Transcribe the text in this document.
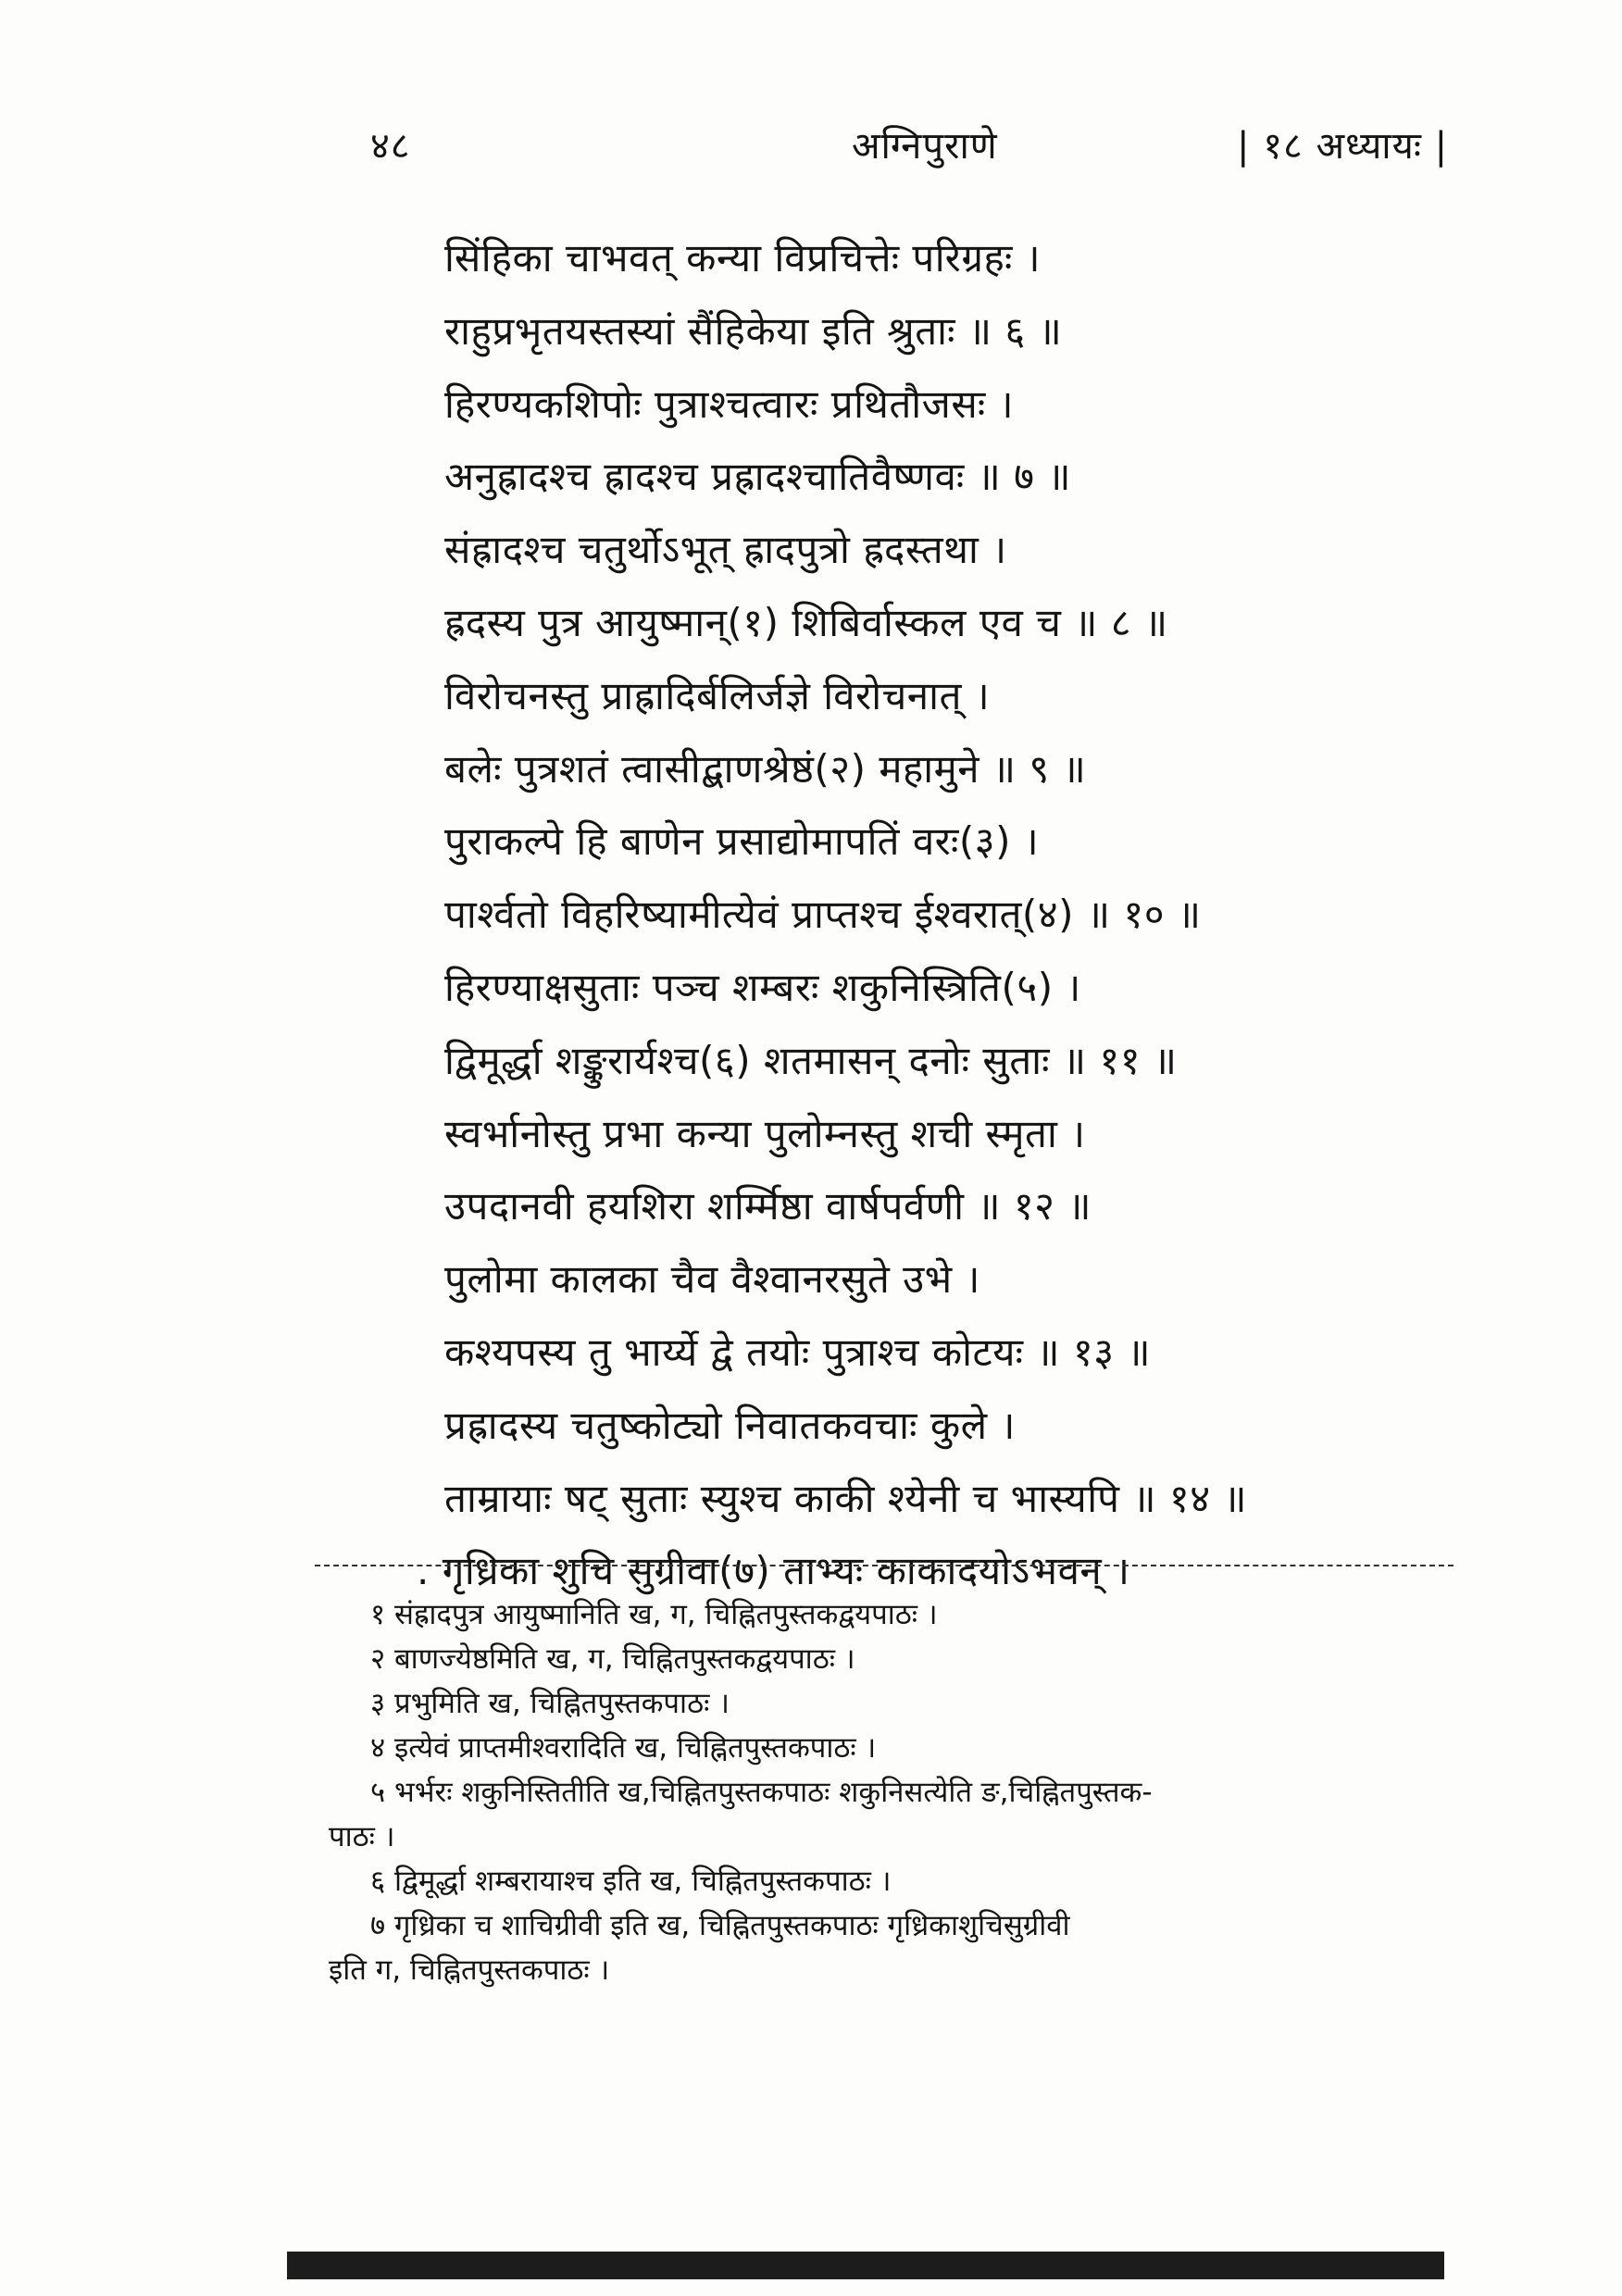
४८	अग्निपुराणे	| १८ अध्यायः |
सिंहिका चाभवत् कन्या विप्रचित्तेः परिग्रहः ।
राहुप्रभृतयस्तस्यां सैंहिकेया इति श्रुताः ॥ ६ ॥
हिरण्यकशिपोः पुत्राश्चत्वारः प्रथितौजसः ।
अनुह्रादश्च ह्रादश्च प्रह्रादश्चातिवैष्णवः ॥ ७ ॥
संह्रादश्च चतुर्थोऽभूत् ह्रादपुत्रो ह्रदस्तथा ।
ह्रदस्य पुत्र आयुष्मान्(१) शिबिर्वास्कल एव च ॥ ८ ॥
विरोचनस्तु प्राह्रादिर्बलिर्जज्ञे विरोचनात् ।
बलेः पुत्रशतं त्वासीद्बाणश्रेष्ठं(२) महामुने ॥ ९ ॥
पुराकल्पे हि बाणेन प्रसाद्योमापतिं वरः(३) ।
पार्श्वतो विहरिष्यामीत्येवं प्राप्तश्च ईश्वरात्(४) ॥ १० ॥
हिरण्याक्षसुताः पञ्च शम्बरः शकुनिस्त्रिति(५) ।
द्विमूर्द्धा शङ्कुरार्यश्च(६) शतमासन् दनोः सुताः ॥ ११ ॥
स्वर्भानोस्तु प्रभा कन्या पुलोम्नस्तु शची स्मृता ।
उपदानवी हयशिरा शर्म्मिष्ठा वार्षपर्वणी ॥ १२ ॥
पुलोमा कालका चैव वैश्वानरसुते उभे ।
कश्यपस्य तु भार्य्ये द्वे तयोः पुत्राश्च कोटयः ॥ १३ ॥
प्रह्रादस्य चतुष्कोट्यो निवातकवचाः कुले ।
ताम्रायाः षट् सुताः स्युश्च काकी श्येनी च भास्यपि ॥ १४ ॥
. गृध्रिका शुचि सुग्रीवा(७) ताभ्यः काकादयोऽभवन् ।
१ संह्रादपुत्र आयुष्मानिति ख, ग, चिह्नितपुस्तकद्वयपाठः ।
२ बाणज्येष्ठमिति ख, ग, चिह्नितपुस्तकद्वयपाठः ।
३ प्रभुमिति ख, चिह्नितपुस्तकपाठः ।
४ इत्येवं प्राप्तमीश्वरादिति ख, चिह्नितपुस्तकपाठः ।
५ भर्भरः शकुनिस्तितीति ख,चिह्नितपुस्तकपाठः शकुनिसत्येति ङ,चिह्नितपुस्तक-
पाठः ।
६ द्विमूर्द्धा शम्बरायाश्च इति ख, चिह्नितपुस्तकपाठः ।
७ गृध्रिका च शाचिग्रीवी इति ख, चिह्नितपुस्तकपाठः गृध्रिकाशुचिसुग्रीवी
इति ग, चिह्नितपुस्तकपाठः ।
